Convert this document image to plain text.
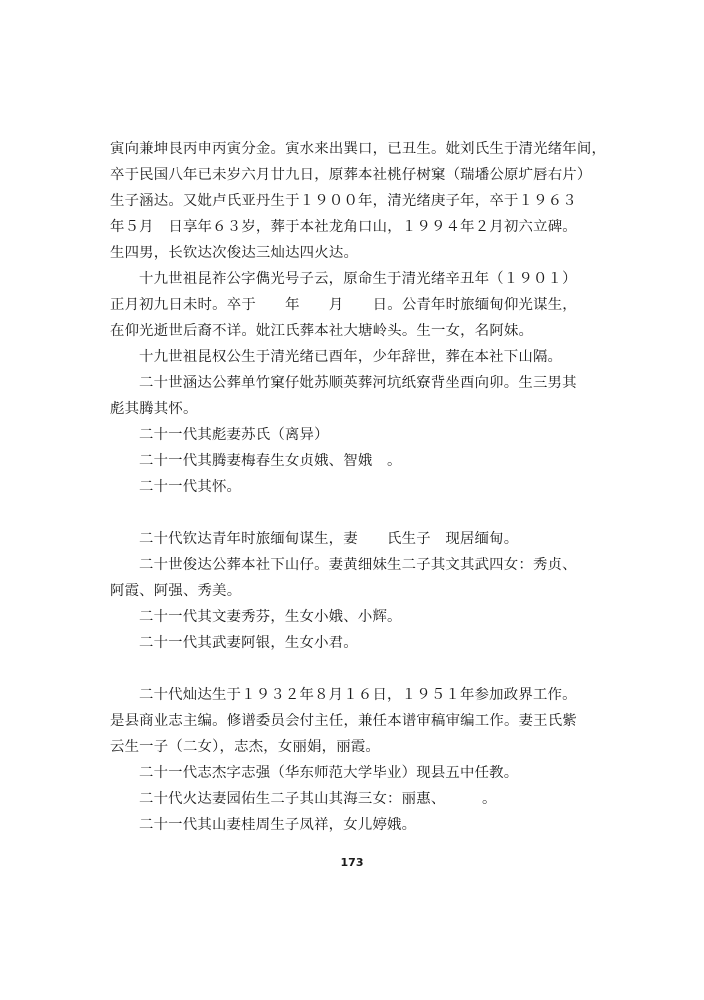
寅向兼坤艮丙申丙寅分金。寅水来出巽口，已丑生。妣刘氏生于清光绪年间，
卒于民国八年已未岁六月廿九日，原葬本社桃仔树窠（瑞墦公原圹唇右片）
生子涵达。又妣卢氏亚丹生于１９００年，清光绪庚子年，卒于１９６３
年５月　日享年６３岁，葬于本社龙角口山，１９９４年２月初六立碑。
生四男，长钦达次俊达三灿达四火达。
十九世祖昆祚公字儁光号子云，原命生于清光绪辛丑年（１９０１）
正月初九日未时。卒于　　年　　月　　日。公青年时旅缅甸仰光谋生，
在仰光逝世后裔不详。妣江氏葬本社大塘岭头。生一女，名阿妹。
十九世祖昆权公生于清光绪已酉年，少年辞世，葬在本社下山隔。
二十世涵达公葬单竹窠仔妣苏顺英葬河坑纸寮背坐酉向卯。生三男其
彪其腾其怀。
二十一代其彪妻苏氏（离异）
二十一代其腾妻梅春生女贞娥、智娥　。
二十一代其怀。
二十代钦达青年时旅缅甸谋生，妻　　氏生子　现居缅甸。
二十世俊达公葬本社下山仔。妻黄细妹生二子其文其武四女：秀贞、
阿霞、阿强、秀美。
二十一代其文妻秀芬，生女小娥、小辉。
二十一代其武妻阿银，生女小君。
二十代灿达生于１９３２年８月１６日，１９５１年参加政界工作。
是县商业志主编。修谱委员会付主任，兼任本谱审稿审编工作。妻王氏紫
云生一子（二女），志杰，女丽娟，丽霞。
二十一代志杰字志强（华东师范大学毕业）现县五中任教。
二十代火达妻园佑生二子其山其海三女：丽惠、　　　。
二十一代其山妻桂周生子凤祥，女儿婷娥。
173
